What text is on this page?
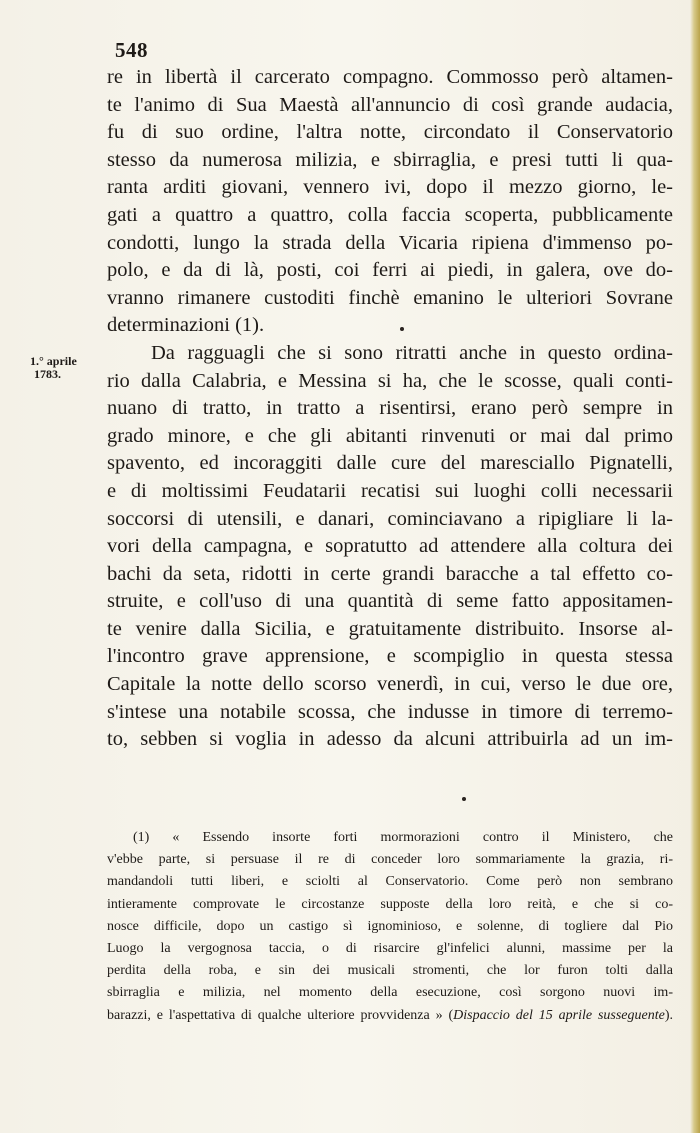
548
1.° aprile
1783.
re in libertà il carcerato compagno. Commosso però altamen-
te l'animo di Sua Maestà all'annuncio di così grande audacia,
fu di suo ordine, l'altra notte, circondato il Conservatorio
stesso da numerosa milizia, e sbirraglia, e presi tutti li qua-
ranta arditi giovani, vennero ivi, dopo il mezzo giorno, le-
gati a quattro a quattro, colla faccia scoperta, pubblicamente
condotti, lungo la strada della Vicaria ripiena d'immenso po-
polo, e da di là, posti, coi ferri ai piedi, in galera, ove do-
vranno rimanere custoditi finchè emanino le ulteriori Sovrane
determinazioni (1).
Da ragguagli che si sono ritratti anche in questo ordina-
rio dalla Calabria, e Messina si ha, che le scosse, quali conti-
nuano di tratto, in tratto a risentirsi, erano però sempre in
grado minore, e che gli abitanti rinvenuti or mai dal primo
spavento, ed incoraggiti dalle cure del maresciallo Pignatelli,
e di moltissimi Feudatarii recatisi sui luoghi colli necessarii
soccorsi di utensili, e danari, cominciavano a ripigliare li la-
vori della campagna, e sopratutto ad attendere alla coltura dei
bachi da seta, ridotti in certe grandi baracche a tal effetto co-
struite, e coll'uso di una quantità di seme fatto appositamen-
te venire dalla Sicilia, e gratuitamente distribuito. Insorse al-
l'incontro grave apprensione, e scompiglio in questa stessa
Capitale la notte dello scorso venerdì, in cui, verso le due ore,
s'intese una notabile scossa, che indusse in timore di terremo-
to, sebben si voglia in adesso da alcuni attribuirla ad un im-
(1) « Essendo insorte forti mormorazioni contro il Ministero, che
v'ebbe parte, si persuase il re di conceder loro sommariamente la grazia, ri-
mandandoli tutti liberi, e sciolti al Conservatorio. Come però non sembrano
intieramente comprovate le circostanze supposte della loro reità, e che si co-
nosce difficile, dopo un castigo sì ignominioso, e solenne, di togliere dal Pio
Luogo la vergognosa taccia, o di risarcire gl'infelici alunni, massime per la
perdita della roba, e sin dei musicali stromenti, che lor furon tolti dalla
sbirraglia e milizia, nel momento della esecuzione, così sorgono nuovi im-
barazzi, e l'aspettativa di qualche ulteriore provvidenza » (Dispaccio del 15 aprile susseguente).
